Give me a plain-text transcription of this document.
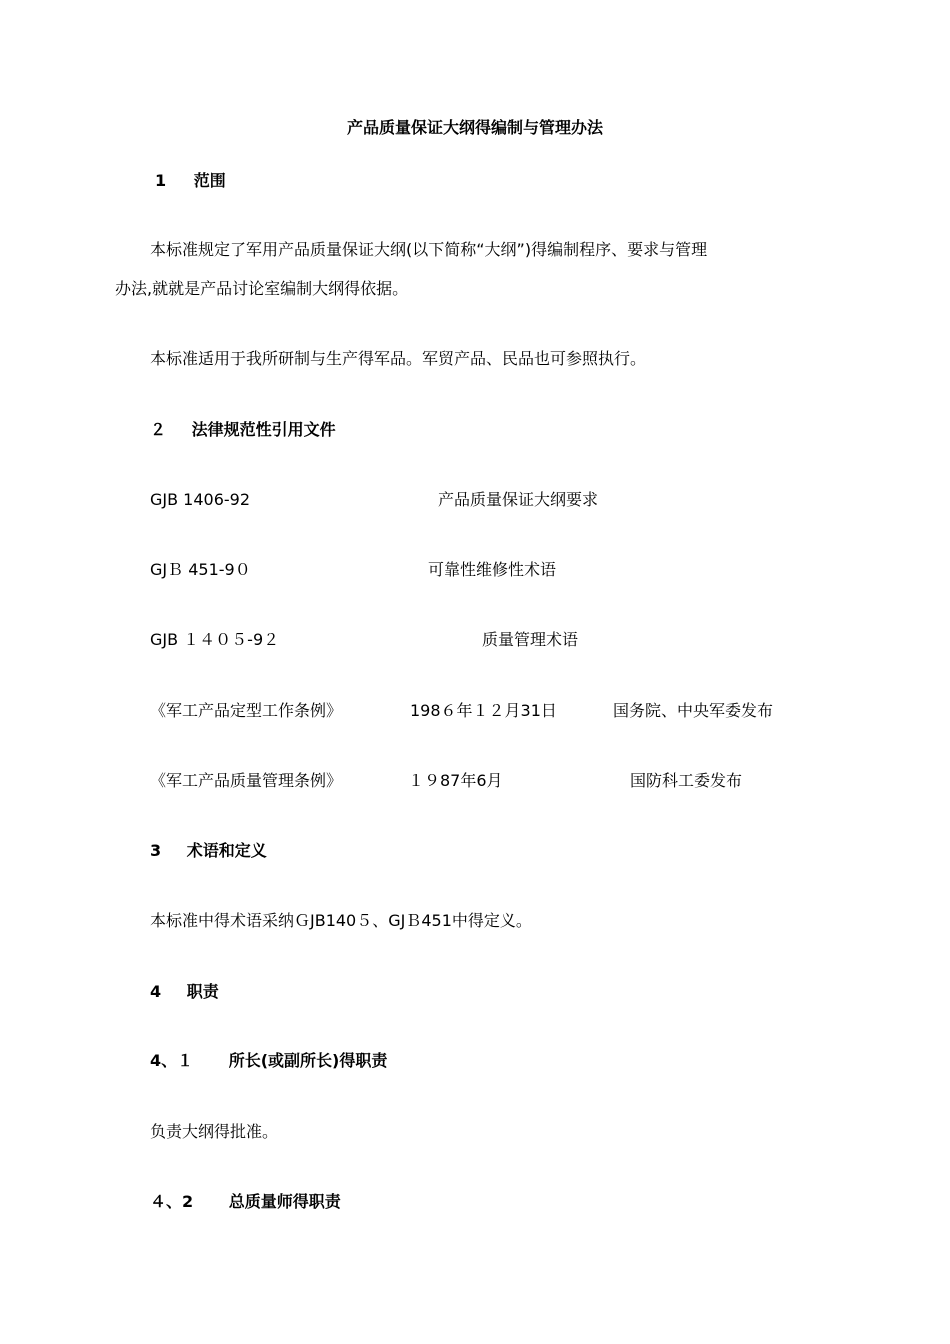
产品质量保证大纲得编制与管理办法
1 范围
本标准规定了军用产品质量保证大纲(以下简称“大纲”)得编制程序、要求与管理
办法,就就是产品讨论室编制大纲得依据。
本标准适用于我所研制与生产得军品。军贸产品、民品也可参照执行。
２ 法律规范性引用文件
GJB 1406-92	产品质量保证大纲要求
GJＢ 451-9０	可靠性维修性术语
GJB １４０５-9２	质量管理术语
《军工产品定型工作条例》	198６年１２月31日	国务院、中央军委发布
《军工产品质量管理条例》	１９87年6月	国防科工委发布
3 术语和定义
本标准中得术语采纳ＧJB140５、GJＢ451中得定义。
4 职责
4、１ 所长(或副所长)得职责
负责大纲得批准。
４、2 总质量师得职责
